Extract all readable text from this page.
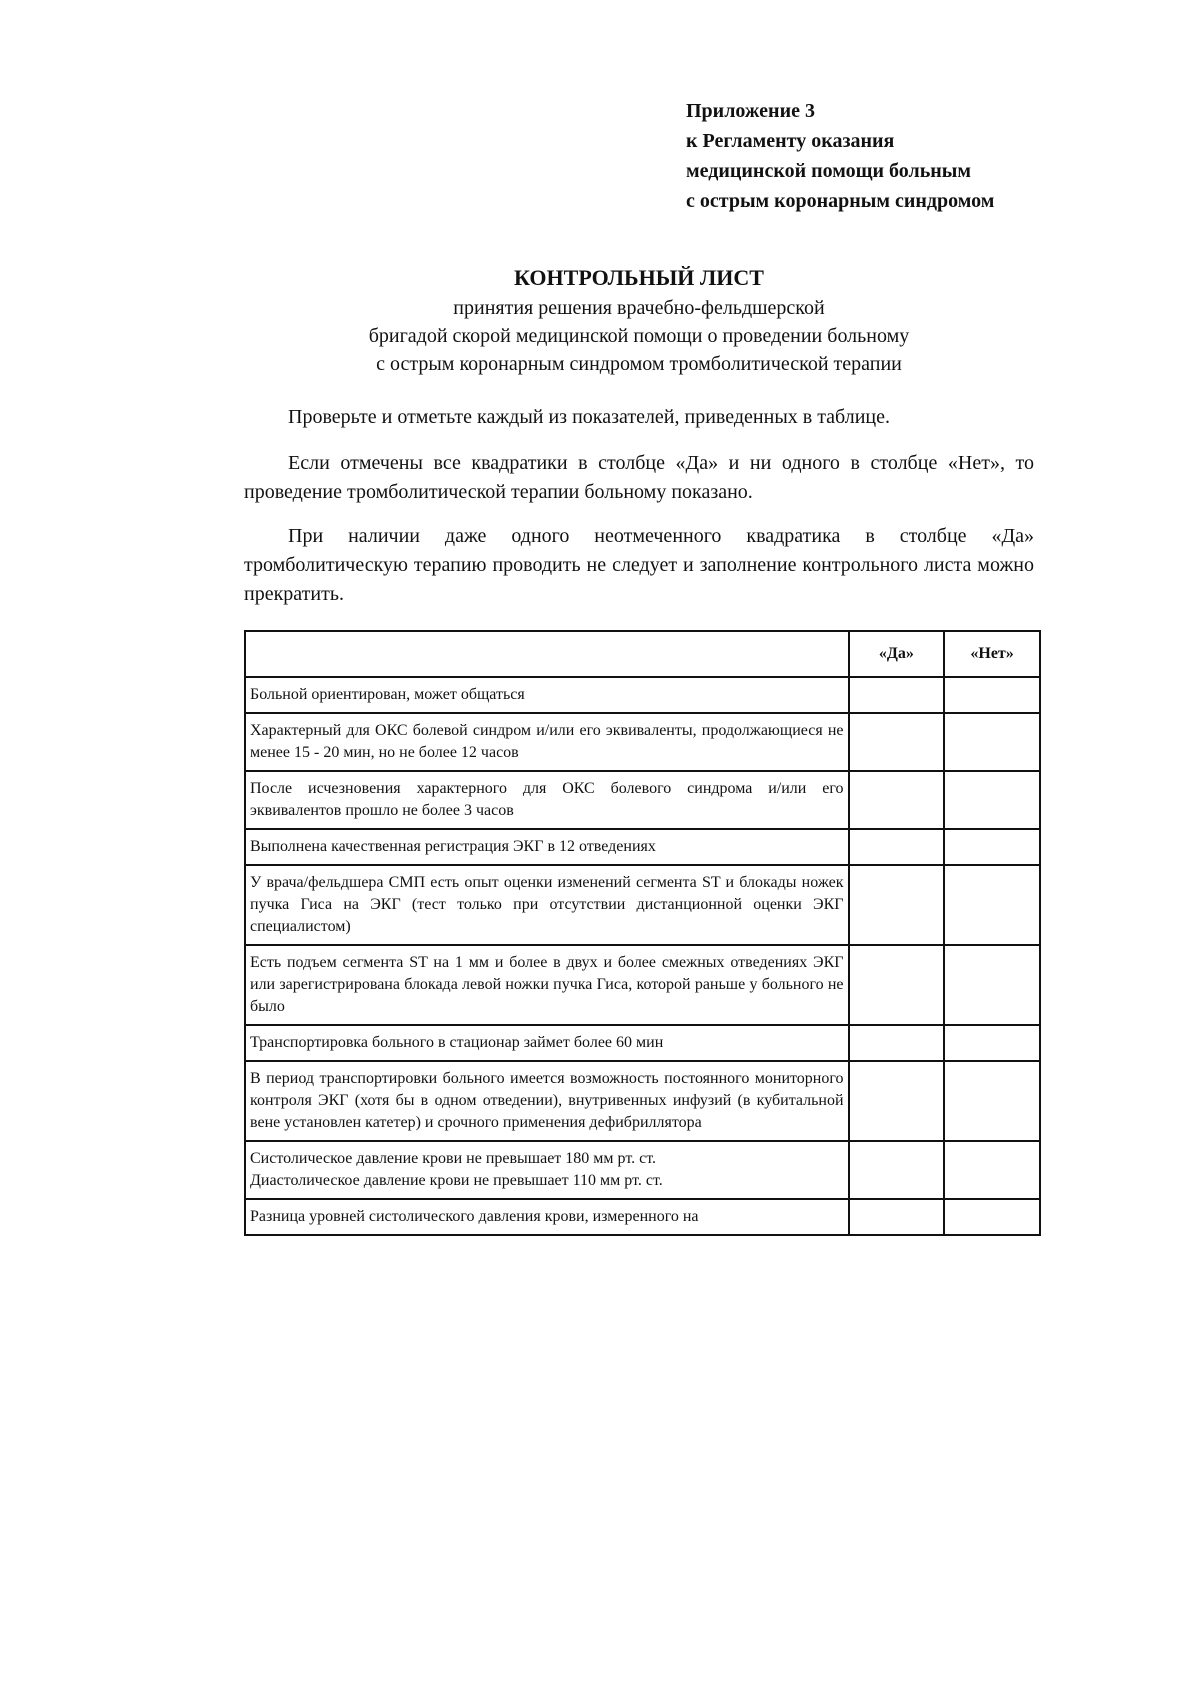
Приложение 3
к Регламенту оказания
медицинской помощи больным
с острым коронарным синдромом
КОНТРОЛЬНЫЙ ЛИСТ
принятия решения врачебно-фельдшерской
бригадой скорой медицинской помощи о проведении больному
с острым коронарным синдромом тромболитической терапии
Проверьте и отметьте каждый из показателей, приведенных в таблице.
Если отмечены все квадратики в столбце «Да» и ни одного в столбце «Нет», то проведение тромболитической терапии больному показано.
При наличии даже одного неотмеченного квадратика в столбце «Да» тромболитическую терапию проводить не следует и заполнение контрольного листа можно прекратить.
	«Да»	«Нет»
Больной ориентирован, может общаться		
Характерный для ОКС болевой синдром и/или его эквиваленты, продолжающиеся не менее 15 - 20 мин, но не более 12 часов		
После исчезновения характерного для ОКС болевого синдрома и/или его эквивалентов прошло не более 3 часов		
Выполнена качественная регистрация ЭКГ в 12 отведениях		
У врача/фельдшера СМП есть опыт оценки изменений сегмента ST и блокады ножек пучка Гиса на ЭКГ (тест только при отсутствии дистанционной оценки ЭКГ специалистом)		
Есть подъем сегмента ST на 1 мм и более в двух и более смежных отведениях ЭКГ или зарегистрирована блокада левой ножки пучка Гиса, которой раньше у больного не было		
Транспортировка больного в стационар займет более 60 мин		
В период транспортировки больного имеется возможность постоянного мониторного контроля ЭКГ (хотя бы в одном отведении), внутривенных инфузий (в кубитальной вене установлен катетер) и срочного применения дефибриллятора		

Систолическое давление крови не превышает 180 мм рт. ст.
Диастолическое давление крови не превышает 110 мм рт. ст.		

Разница уровней систолического давления крови, измеренного на		
